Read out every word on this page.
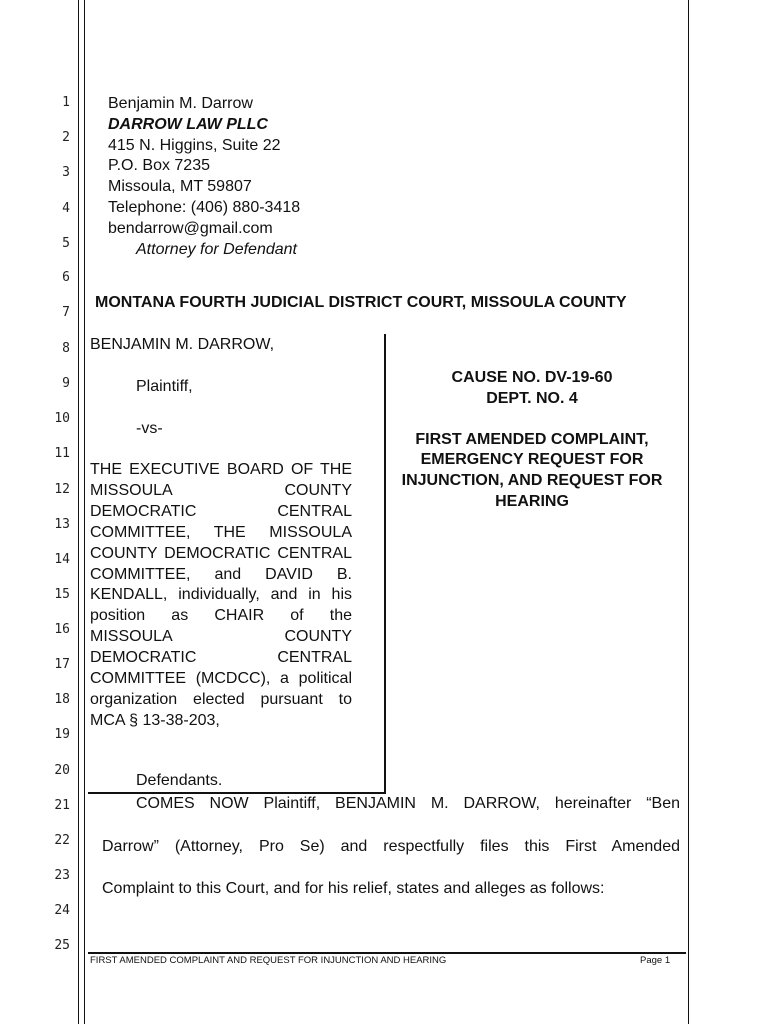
1
2
3
4
5
6
7
8
9
10
11
12
13
14
15
16
17
18
19
20
21
22
23
24
25
Benjamin M. Darrow
DARROW LAW PLLC
415 N. Higgins, Suite 22
P.O. Box 7235
Missoula, MT 59807
Telephone: (406) 880-3418
bendarrow@gmail.com
Attorney for Defendant
MONTANA FOURTH JUDICIAL DISTRICT COURT, MISSOULA COUNTY
BENJAMIN M. DARROW,
Plaintiff,
-vs-
THE EXECUTIVE BOARD OF THE MISSOULA COUNTY DEMOCRATIC CENTRAL COMMITTEE, THE MISSOULA COUNTY DEMOCRATIC CENTRAL COMMITTEE, and DAVID B. KENDALL, individually, and in his position as CHAIR of the MISSOULA COUNTY DEMOCRATIC CENTRAL COMMITTEE (MCDCC), a political organization elected pursuant to MCA § 13-38-203,
Defendants.
CAUSE NO. DV-19-60
DEPT. NO. 4
FIRST AMENDED COMPLAINT, EMERGENCY REQUEST FOR INJUNCTION, AND REQUEST FOR HEARING
COMES NOW Plaintiff, BENJAMIN M. DARROW, hereinafter “Ben
Darrow” (Attorney, Pro Se) and respectfully files this First Amended
Complaint to this Court, and for his relief, states and alleges as follows:
FIRST AMENDED COMPLAINT AND REQUEST FOR INJUNCTION AND HEARING	Page 1
